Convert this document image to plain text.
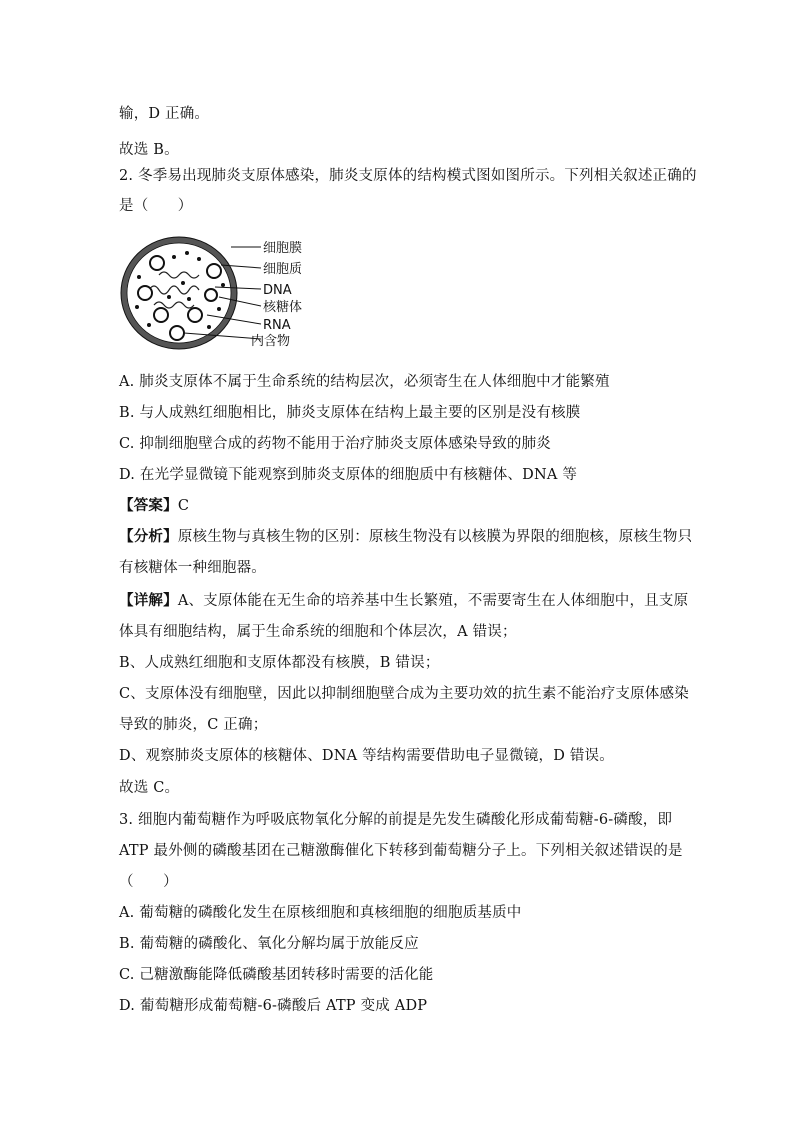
输，D 正确。
故选 B。
2. 冬季易出现肺炎支原体感染，肺炎支原体的结构模式图如图所示。下列相关叙述正确的
是（　　）
细胞膜
细胞质
DNA
核糖体
RNA
内含物
A. 肺炎支原体不属于生命系统的结构层次，必须寄生在人体细胞中才能繁殖
B. 与人成熟红细胞相比，肺炎支原体在结构上最主要的区别是没有核膜
C. 抑制细胞壁合成的药物不能用于治疗肺炎支原体感染导致的肺炎
D. 在光学显微镜下能观察到肺炎支原体的细胞质中有核糖体、DNA 等
【答案】C
【分析】原核生物与真核生物的区别：原核生物没有以核膜为界限的细胞核，原核生物只
有核糖体一种细胞器。
【详解】A、支原体能在无生命的培养基中生长繁殖，不需要寄生在人体细胞中，且支原
体具有细胞结构，属于生命系统的细胞和个体层次，A 错误；
B、人成熟红细胞和支原体都没有核膜，B 错误；
C、支原体没有细胞壁，因此以抑制细胞壁合成为主要功效的抗生素不能治疗支原体感染
导致的肺炎，C 正确；
D、观察肺炎支原体的核糖体、DNA 等结构需要借助电子显微镜，D 错误。
故选 C。
3. 细胞内葡萄糖作为呼吸底物氧化分解的前提是先发生磷酸化形成葡萄糖-6-磷酸，即
ATP 最外侧的磷酸基团在己糖激酶催化下转移到葡萄糖分子上。下列相关叙述错误的是
（　　）
A. 葡萄糖的磷酸化发生在原核细胞和真核细胞的细胞质基质中
B. 葡萄糖的磷酸化、氧化分解均属于放能反应
C. 己糖激酶能降低磷酸基团转移时需要的活化能
D. 葡萄糖形成葡萄糖-6-磷酸后 ATP 变成 ADP
